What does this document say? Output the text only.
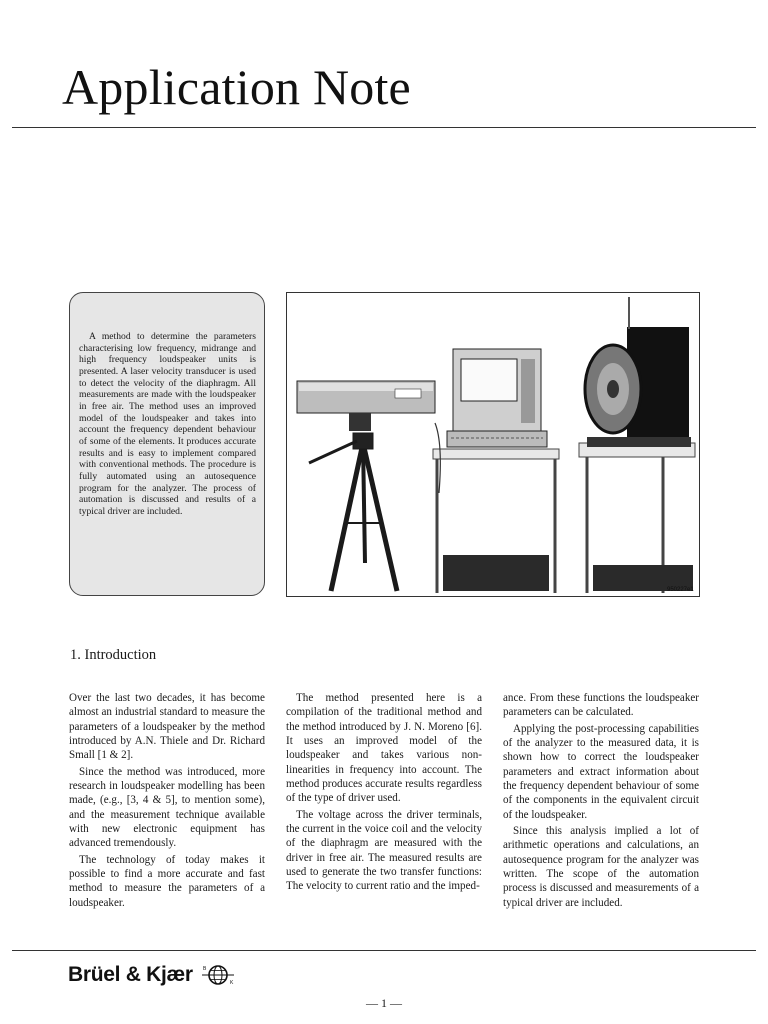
Application Note

A method to determine the parameters characterising low frequency, midrange and high frequency loudspeaker units is presented. A laser velocity transducer is used to detect the velocity of the diaphragm. All measurements are made with the loudspeaker in free air. The method uses an improved model of the loudspeaker and takes into account the frequency dependent behaviour of some of the elements. It produces accurate results and is easy to implement compared with conventional methods. The procedure is fully automated using an autosequence program for the analyzer. The process of automation is discussed and results of a typical driver are included.

950227e1
1. Introduction

Over the last two decades, it has become almost an industrial standard to measure the parameters of a loudspeaker by the method introduced by A.N. Thiele and Dr. Richard Small [1 & 2].

Since the method was introduced, more research in loudspeaker modelling has been made, (e.g., [3, 4 & 5], to mention some), and the measurement technique available with new electronic equipment has advanced tremendously.

The technology of today makes it possible to find a more accurate and fast method to measure the parameters of a loudspeaker.

The method presented here is a compilation of the traditional method and the method introduced by J. N. Moreno [6]. It uses an improved model of the loudspeaker and takes various non-linearities in frequency into account. The method produces accurate results regardless of the type of driver used.

The voltage across the driver terminals, the current in the voice coil and the velocity of the diaphragm are measured with the driver in free air. The measured results are used to generate the two transfer functions: The velocity to current ratio and the imped-

ance. From these functions the loudspeaker parameters can be calculated.

Applying the post-processing capabilities of the analyzer to the measured data, it is shown how to correct the loudspeaker parameters and extract information about the frequency dependent behaviour of some of the components in the equivalent circuit of the loudspeaker.

Since this analysis implied a lot of arithmetic operations and calculations, an autosequence program for the analyzer was written. The scope of the automation process is discussed and measurements of a typical driver are included.

Brüel & Kjær B
K
— 1 —
